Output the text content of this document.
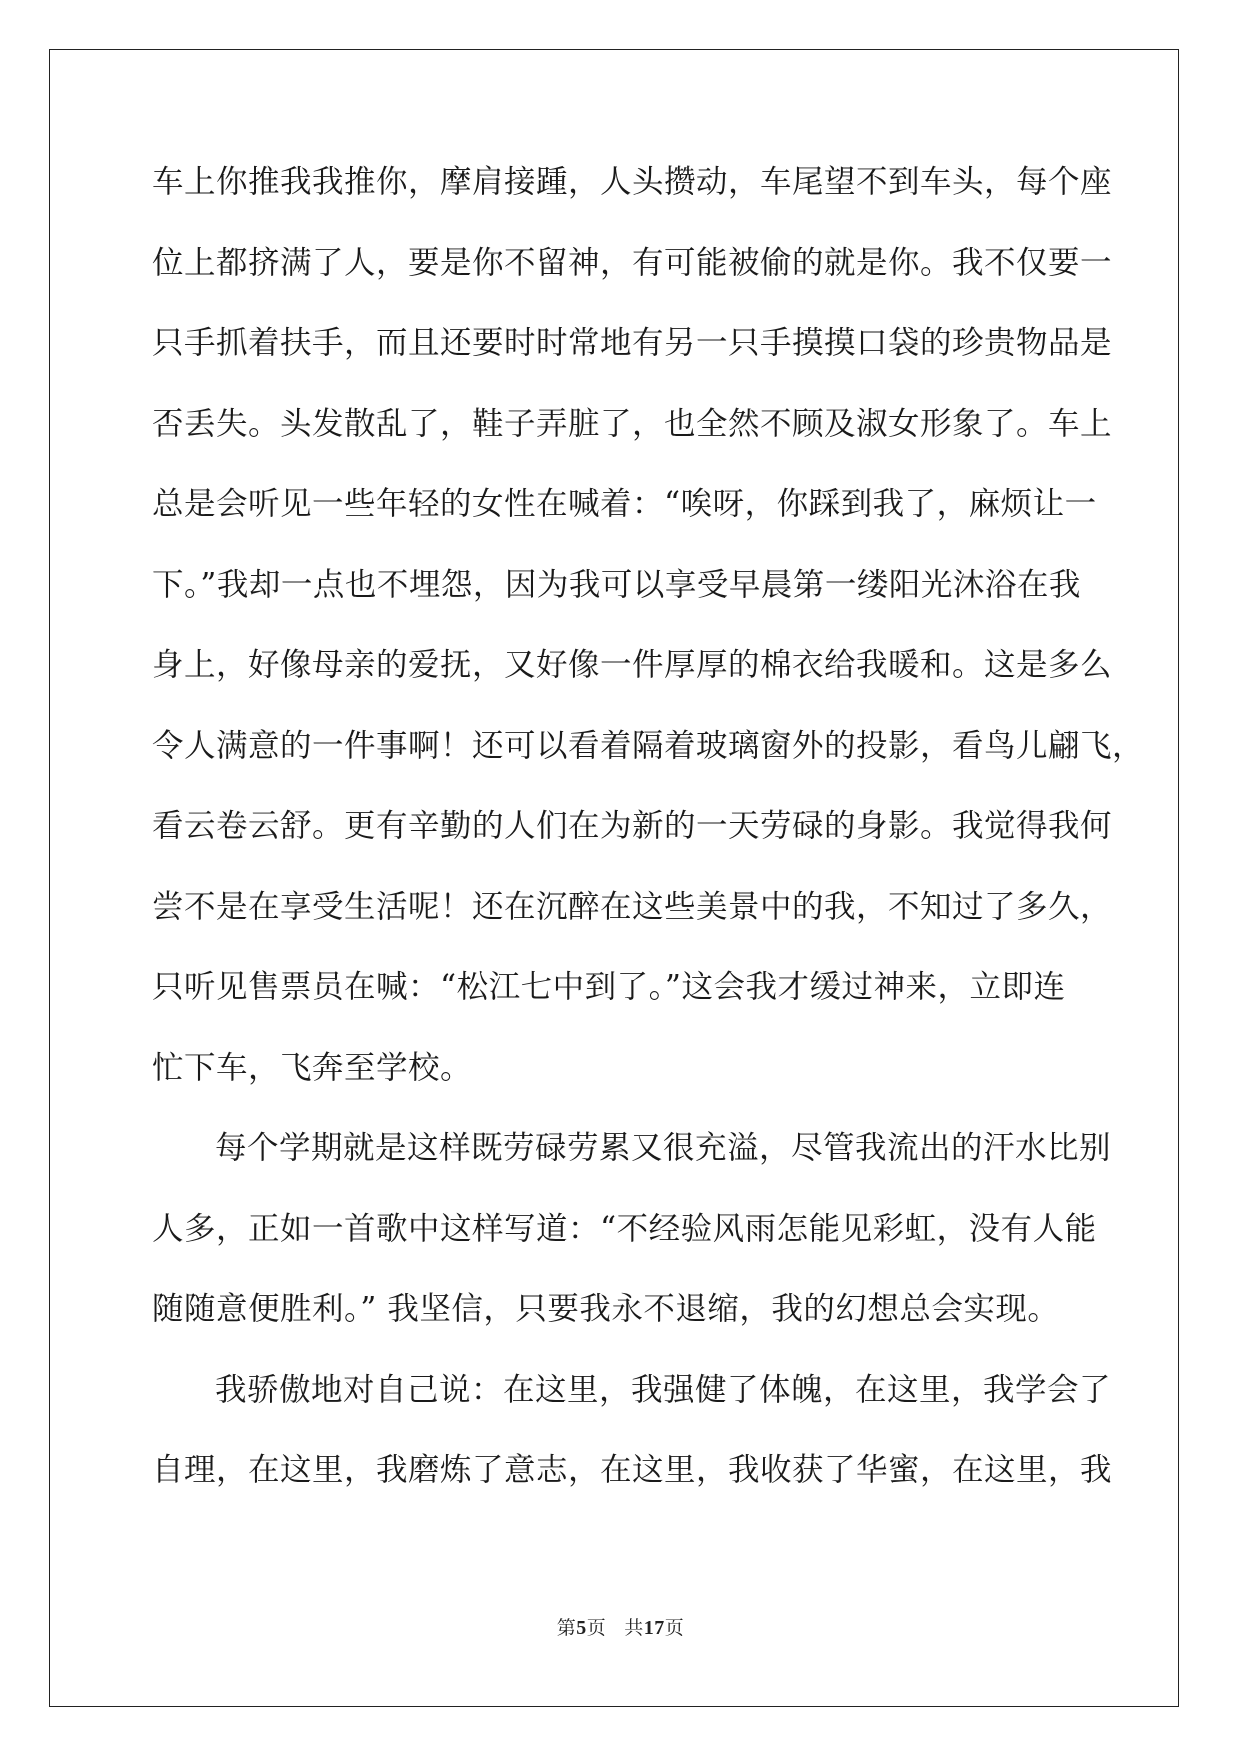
车上你推我我推你，摩肩接踵，人头攒动，车尾望不到车头，每个座
位上都挤满了人，要是你不留神，有可能被偷的就是你。我不仅要一
只手抓着扶手，而且还要时时常地有另一只手摸摸口袋的珍贵物品是
否丢失。头发散乱了，鞋子弄脏了，也全然不顾及淑女形象了。车上
总是会听见一些年轻的女性在喊着：“唉呀，你踩到我了，麻烦让一
下。”我却一点也不埋怨，因为我可以享受早晨第一缕阳光沐浴在我
身上，好像母亲的爱抚，又好像一件厚厚的棉衣给我暖和。这是多么
令人满意的一件事啊！还可以看着隔着玻璃窗外的投影，看鸟儿翩飞，
看云卷云舒。更有辛勤的人们在为新的一天劳碌的身影。我觉得我何
尝不是在享受生活呢！还在沉醉在这些美景中的我，不知过了多久，
只听见售票员在喊：“松江七中到了。”这会我才缓过神来，立即连
忙下车，飞奔至学校。
每个学期就是这样既劳碌劳累又很充溢，尽管我流出的汗水比别
人多，正如一首歌中这样写道：“不经验风雨怎能见彩虹，没有人能
随随意便胜利。” 我坚信，只要我永不退缩，我的幻想总会实现。
我骄傲地对自己说：在这里，我强健了体魄，在这里，我学会了
自理，在这里，我磨炼了意志，在这里，我收获了华蜜，在这里，我
第5页 共17页
